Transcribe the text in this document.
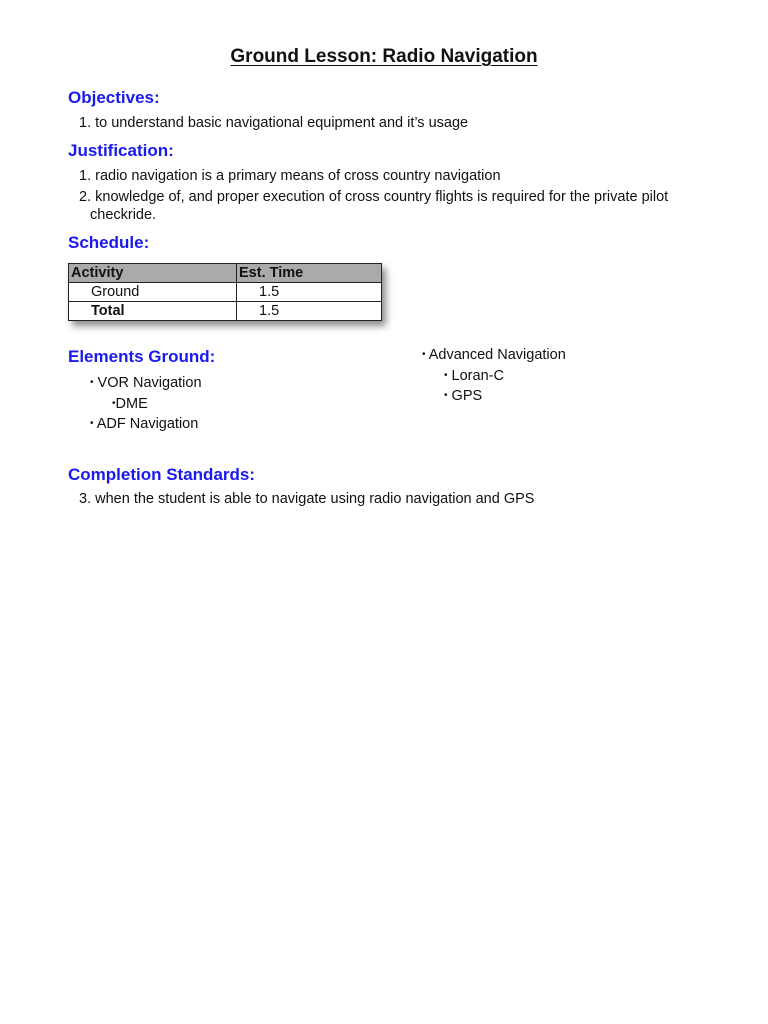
Ground Lesson: Radio Navigation
Objectives:
1. to understand basic navigational equipment and it’s usage
Justification:
1. radio navigation is a primary means of cross country navigation
2. knowledge of, and proper execution of cross country flights is required for the private pilot
checkride.
Schedule:
Activity	Est. Time
Ground	1.5
Total	1.5
Elements Ground:
• VOR Navigation
•DME
• ADF Navigation
• Advanced Navigation
• Loran-C
• GPS
Completion Standards:
3. when the student is able to navigate using radio navigation and GPS
